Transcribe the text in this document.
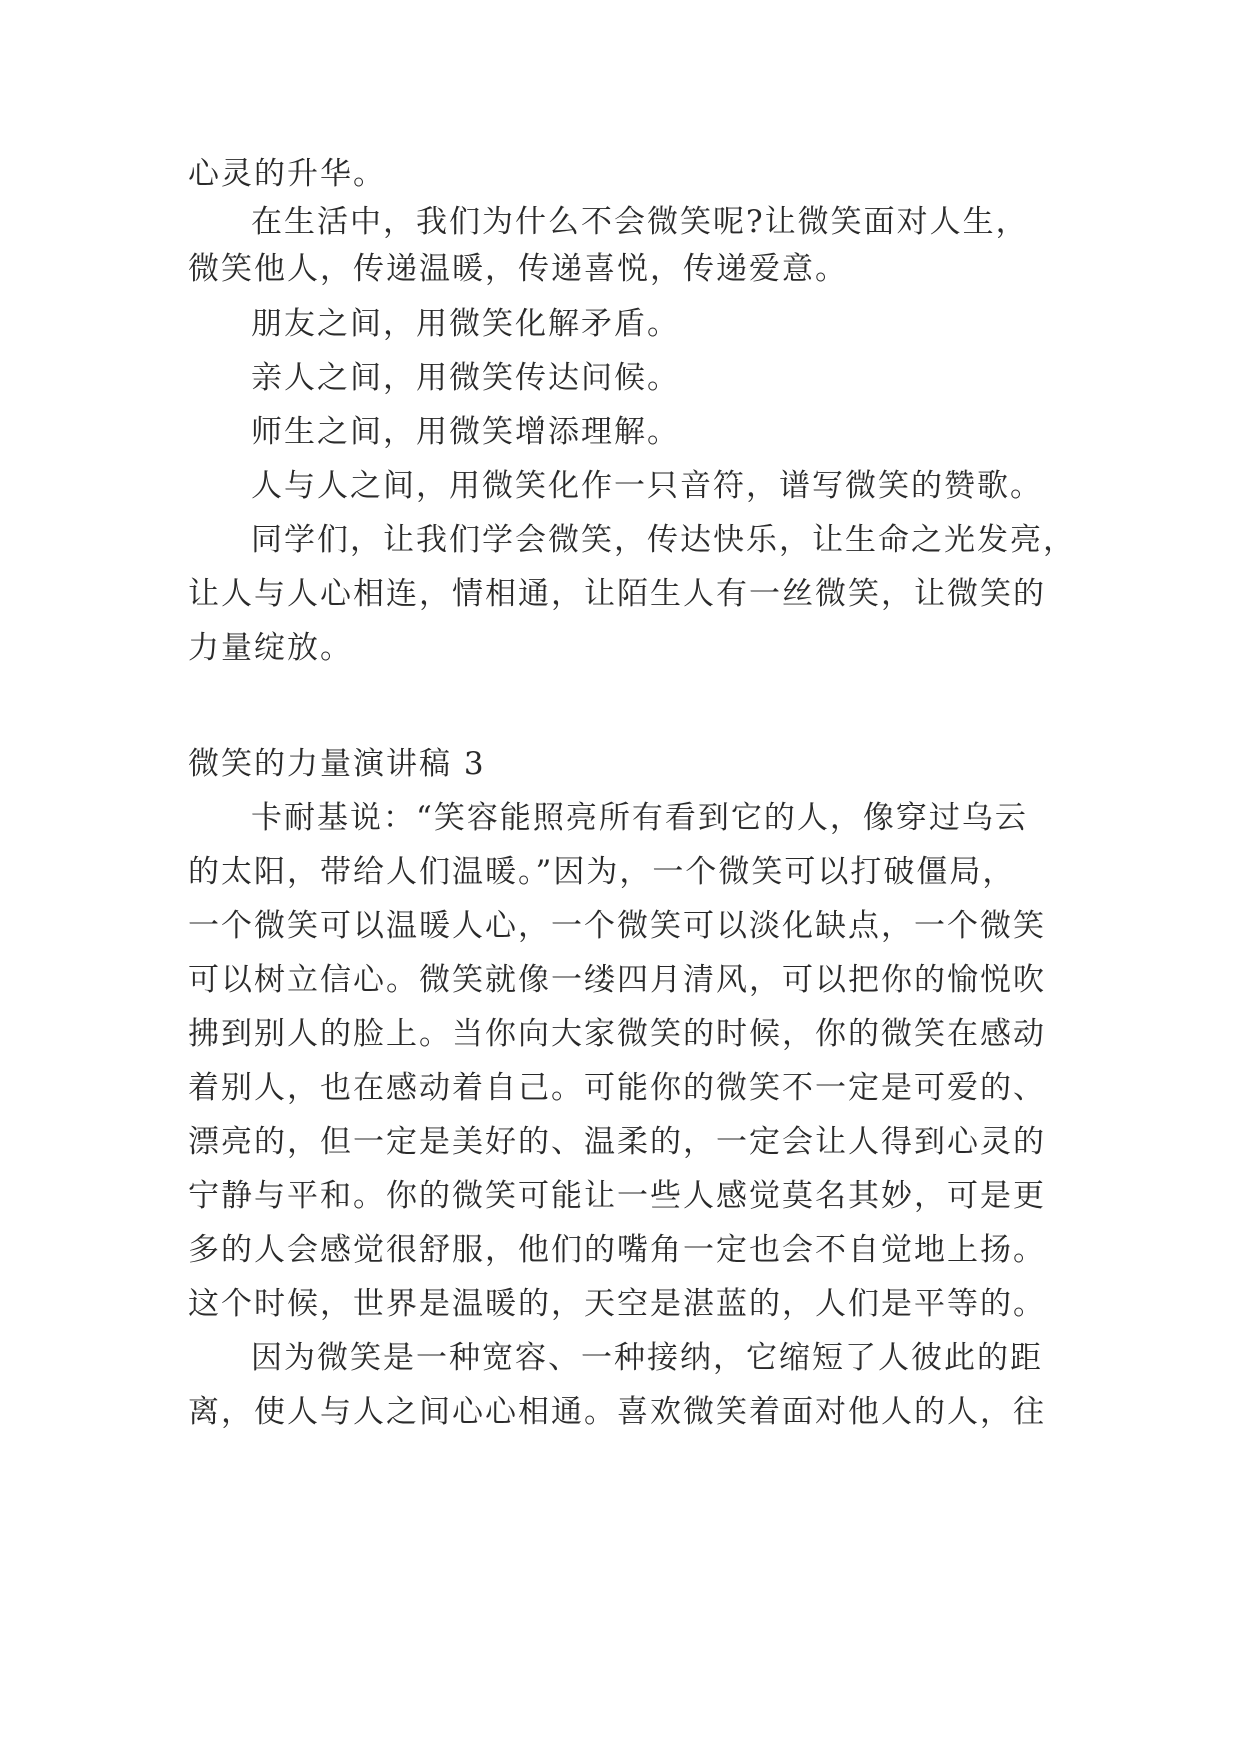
心灵的升华。
在生活中，我们为什么不会微笑呢?让微笑面对人生，
微笑他人，传递温暖，传递喜悦，传递爱意。
朋友之间，用微笑化解矛盾。
亲人之间，用微笑传达问候。
师生之间，用微笑增添理解。
人与人之间，用微笑化作一只音符，谱写微笑的赞歌。
同学们，让我们学会微笑，传达快乐，让生命之光发亮，
让人与人心相连，情相通，让陌生人有一丝微笑，让微笑的
力量绽放。
微笑的力量演讲稿 3
卡耐基说：“笑容能照亮所有看到它的人，像穿过乌云
的太阳，带给人们温暖。”因为，一个微笑可以打破僵局，
一个微笑可以温暖人心，一个微笑可以淡化缺点，一个微笑
可以树立信心。微笑就像一缕四月清风，可以把你的愉悦吹
拂到别人的脸上。当你向大家微笑的时候，你的微笑在感动
着别人，也在感动着自己。可能你的微笑不一定是可爱的、
漂亮的，但一定是美好的、温柔的，一定会让人得到心灵的
宁静与平和。你的微笑可能让一些人感觉莫名其妙，可是更
多的人会感觉很舒服，他们的嘴角一定也会不自觉地上扬。
这个时候，世界是温暖的，天空是湛蓝的，人们是平等的。
因为微笑是一种宽容、一种接纳，它缩短了人彼此的距
离，使人与人之间心心相通。喜欢微笑着面对他人的人，往
